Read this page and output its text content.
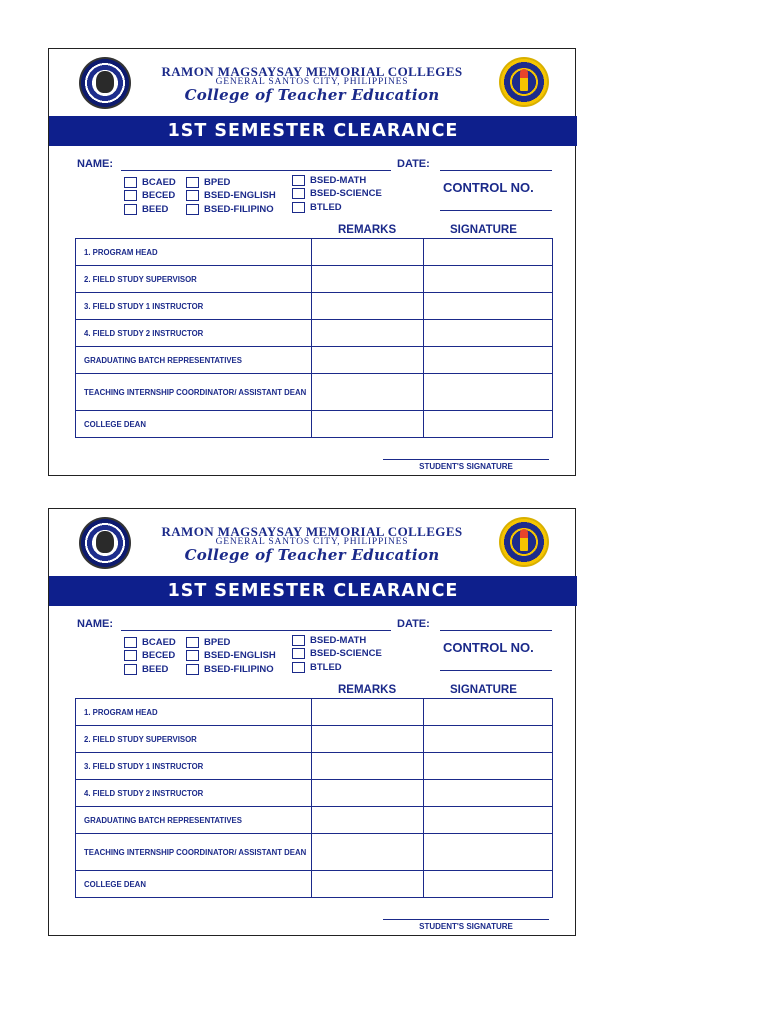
RAMON MAGSAYSAY MEMORIAL COLLEGES
GENERAL SANTOS CITY, PHILIPPINES
College of Teacher Education
1ST SEMESTER CLEARANCE
NAME:	DATE:
BCAED
BECED
BEED
BPED
BSED-ENGLISH
BSED-FILIPINO
BSED-MATH
BSED-SCIENCE
BTLED
CONTROL NO.
REMARKS	SIGNATURE
1. PROGRAM HEAD		
2. FIELD STUDY SUPERVISOR		
3. FIELD STUDY 1 INSTRUCTOR		
4. FIELD STUDY 2 INSTRUCTOR		
GRADUATING BATCH REPRESENTATIVES		
TEACHING INTERNSHIP COORDINATOR/ ASSISTANT DEAN		
COLLEGE DEAN		
STUDENT'S SIGNATURE
RAMON MAGSAYSAY MEMORIAL COLLEGES
GENERAL SANTOS CITY, PHILIPPINES
College of Teacher Education
1ST SEMESTER CLEARANCE
NAME:	DATE:
BCAED
BECED
BEED
BPED
BSED-ENGLISH
BSED-FILIPINO
BSED-MATH
BSED-SCIENCE
BTLED
CONTROL NO.
REMARKS	SIGNATURE
1. PROGRAM HEAD		
2. FIELD STUDY SUPERVISOR		
3. FIELD STUDY 1 INSTRUCTOR		
4. FIELD STUDY 2 INSTRUCTOR		
GRADUATING BATCH REPRESENTATIVES		
TEACHING INTERNSHIP COORDINATOR/ ASSISTANT DEAN		
COLLEGE DEAN		
STUDENT'S SIGNATURE
